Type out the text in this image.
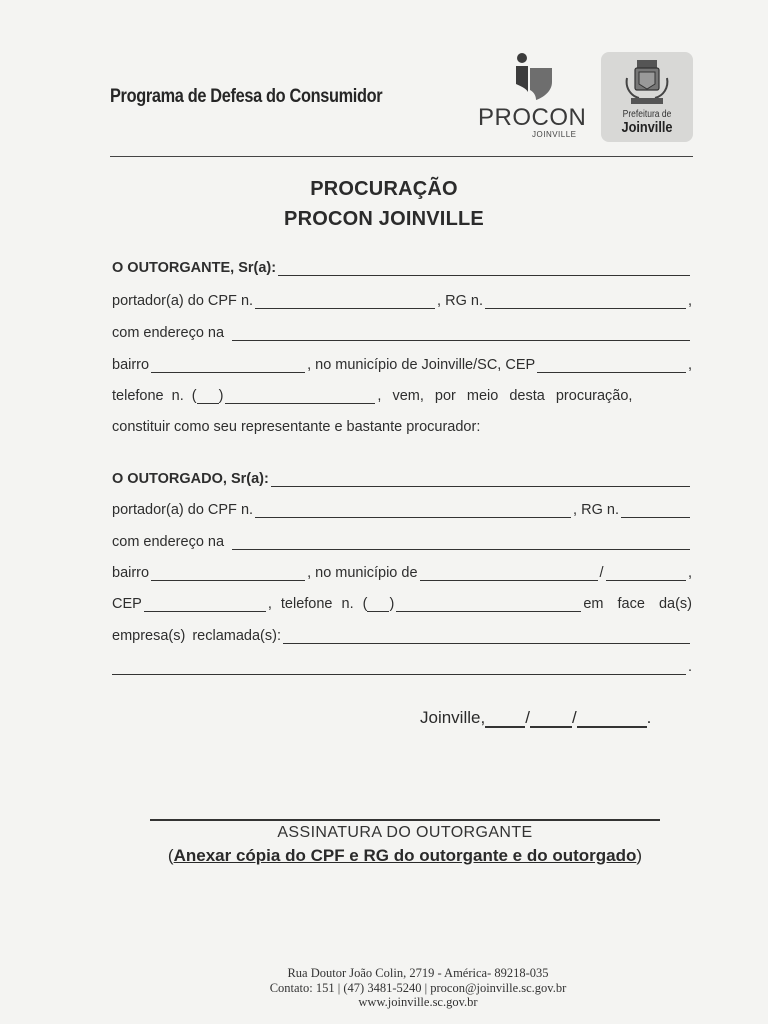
Programa de Defesa do Consumidor
PROCON
JOINVILLE
Prefeitura de
Joinville
PROCURAÇÃO
PROCON JOINVILLE
O OUTORGANTE, Sr(a):
portador(a) do CPF n.	, RG n.	,
com endereço na
bairro	, no município de Joinville/SC, CEP	,
telefone n. ( )	, vem, por meio desta procuração,
constituir como seu representante e bastante procurador:
O OUTORGADO, Sr(a):
portador(a) do CPF n.	, RG n.
com endereço na
bairro	, no município de	/	,
CEP	, telefone n. ( )	em face da(s)
empresa(s) reclamada(s):
.
Joinville, / /	.
ASSINATURA DO OUTORGANTE
(Anexar cópia do CPF e RG do outorgante e do outorgado)
Rua Doutor João Colin, 2719 - América- 89218-035
Contato: 151 | (47) 3481-5240 | procon@joinville.sc.gov.br
www.joinville.sc.gov.br
